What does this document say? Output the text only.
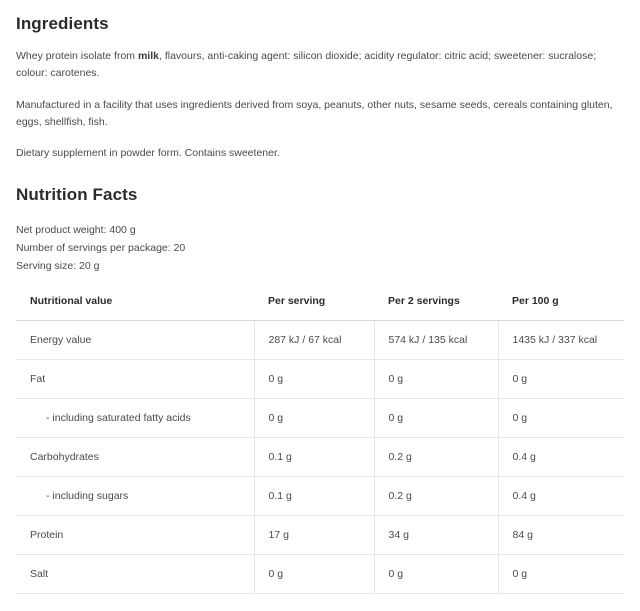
Ingredients

Whey protein isolate from milk, flavours, anti-caking agent: silicon dioxide; acidity regulator: citric acid; sweetener: sucralose; colour: carotenes.

Manufactured in a facility that uses ingredients derived from soya, peanuts, other nuts, sesame seeds, cereals containing gluten, eggs, shellfish, fish.

Dietary supplement in powder form. Contains sweetener.

Nutrition Facts
Net product weight: 400 g
Number of servings per package: 20
Serving size: 20 g
Nutritional value	Per serving	Per 2 servings	Per 100 g
Energy value	287 kJ / 67 kcal	574 kJ / 135 kcal	1435 kJ / 337 kcal
Fat	0 g	0 g	0 g
- including saturated fatty acids	0 g	0 g	0 g
Carbohydrates	0.1 g	0.2 g	0.4 g
- including sugars	0.1 g	0.2 g	0.4 g
Protein	17 g	34 g	84 g
Salt	0 g	0 g	0 g
